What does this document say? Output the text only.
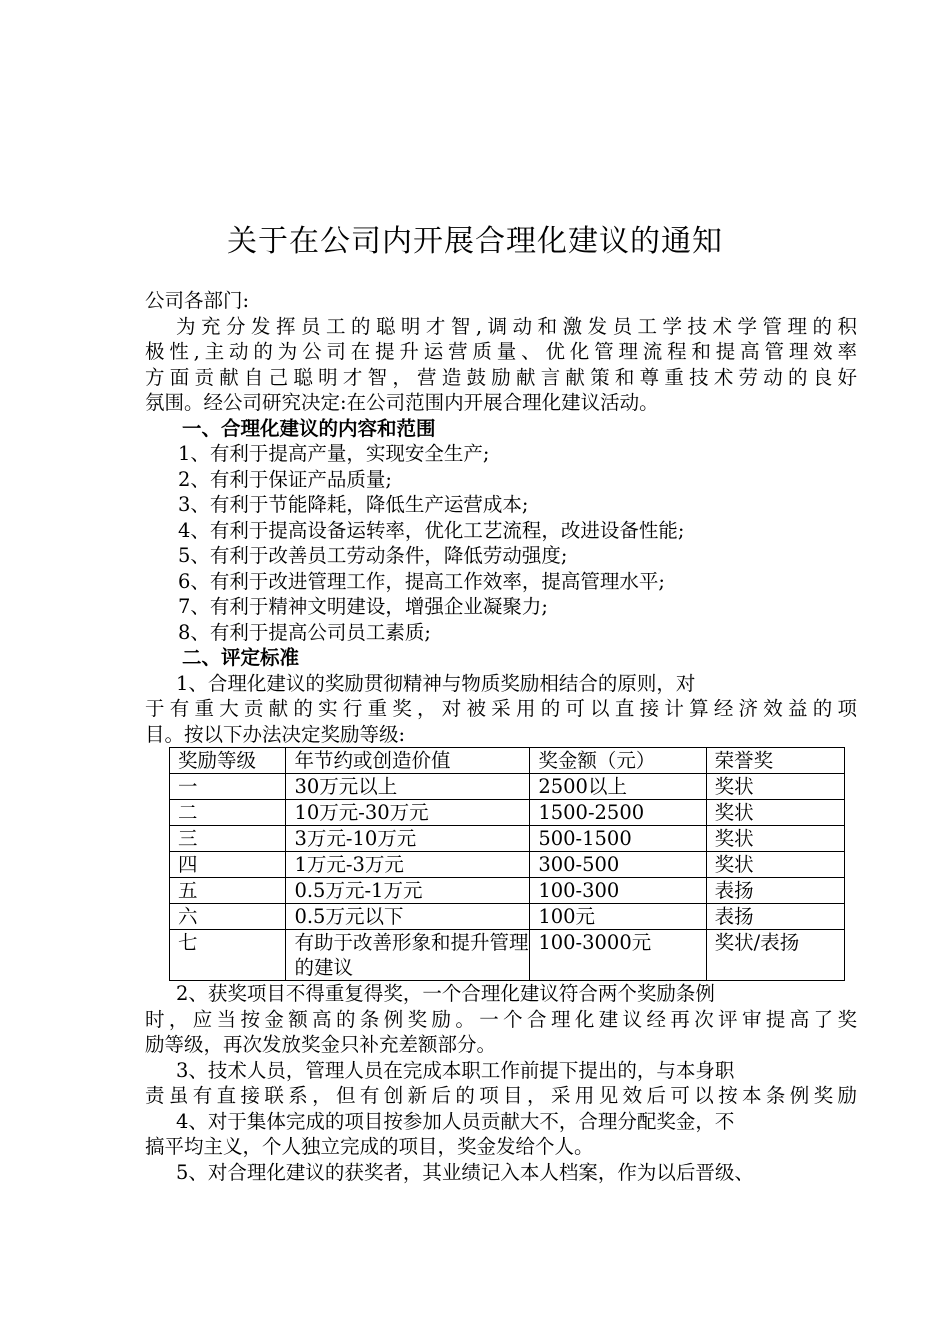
关于在公司内开展合理化建议的通知
公司各部门:
为充分发挥员工的聪明才智,调动和激发员工学技术学管理的积
极性,主动的为公司在提升运营质量、优化管理流程和提高管理效率
方面贡献自己聪明才智，营造鼓励献言献策和尊重技术劳动的良好
氛围。经公司研究决定:在公司范围内开展合理化建议活动。
一、合理化建议的内容和范围
1、有利于提高产量，实现安全生产;
2、有利于保证产品质量;
3、有利于节能降耗，降低生产运营成本;
4、有利于提高设备运转率，优化工艺流程，改进设备性能;
5、有利于改善员工劳动条件，降低劳动强度;
6、有利于改进管理工作，提高工作效率，提高管理水平;
7、有利于精神文明建设，增强企业凝聚力;
8、有利于提高公司员工素质;
二、评定标准
1、合理化建议的奖励贯彻精神与物质奖励相结合的原则，对
于有重大贡献的实行重奖，对被采用的可以直接计算经济效益的项
目。按以下办法决定奖励等级:
奖励等级	年节约或创造价值	奖金额（元）	荣誉奖
一	30万元以上	2500以上	奖状
二	10万元-30万元	1500-2500	奖状
三	3万元-10万元	500-1500	奖状
四	1万元-3万元	300-500	奖状
五	0.5万元-1万元	100-300	表扬
六	0.5万元以下	100元	表扬
七	有助于改善形象和提升管理的建议	100-3000元	奖状/表扬
2、获奖项目不得重复得奖，一个合理化建议符合两个奖励条例
时，应当按金额高的条例奖励。一个合理化建议经再次评审提高了奖
励等级，再次发放奖金只补充差额部分。
3、技术人员，管理人员在完成本职工作前提下提出的，与本身职
责虽有直接联系，但有创新后的项目，采用见效后可以按本条例奖励
4、对于集体完成的项目按参加人员贡献大不，合理分配奖金，不
搞平均主义，个人独立完成的项目，奖金发给个人。
5、对合理化建议的获奖者，其业绩记入本人档案，作为以后晋级、
